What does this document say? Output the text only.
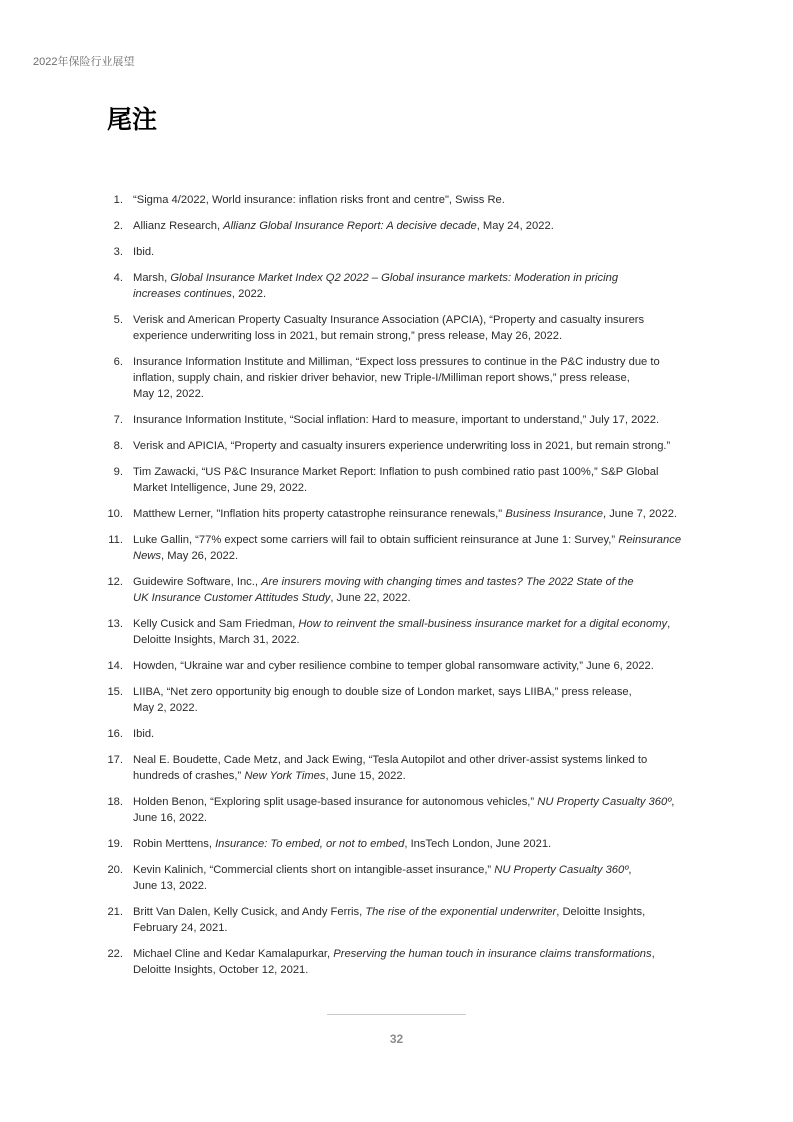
2022年保险行业展望
尾注
1. “Sigma 4/2022, World insurance: inflation risks front and centre", Swiss Re.
2. Allianz Research, Allianz Global Insurance Report: A decisive decade, May 24, 2022.
3. Ibid.
4. Marsh, Global Insurance Market Index Q2 2022 – Global insurance markets: Moderation in pricing
increases continues, 2022.
5. Verisk and American Property Casualty Insurance Association (APCIA), “Property and casualty insurers
experience underwriting loss in 2021, but remain strong,” press release, May 26, 2022.
6. Insurance Information Institute and Milliman, “Expect loss pressures to continue in the P&C industry due to
inflation, supply chain, and riskier driver behavior, new Triple-I/Milliman report shows,” press release,
May 12, 2022.
7. Insurance Information Institute, “Social inflation: Hard to measure, important to understand,” July 17, 2022.
8. Verisk and APICIA, “Property and casualty insurers experience underwriting loss in 2021, but remain strong.”
9. Tim Zawacki, “US P&C Insurance Market Report: Inflation to push combined ratio past 100%,” S&P Global
Market Intelligence, June 29, 2022.
10. Matthew Lerner, "Inflation hits property catastrophe reinsurance renewals," Business Insurance, June 7, 2022.
11. Luke Gallin, “77% expect some carriers will fail to obtain sufficient reinsurance at June 1: Survey,” Reinsurance
News, May 26, 2022.
12. Guidewire Software, Inc., Are insurers moving with changing times and tastes? The 2022 State of the
UK Insurance Customer Attitudes Study, June 22, 2022.
13. Kelly Cusick and Sam Friedman, How to reinvent the small-business insurance market for a digital economy,
Deloitte Insights, March 31, 2022.
14. Howden, “Ukraine war and cyber resilience combine to temper global ransomware activity,” June 6, 2022.
15. LIIBA, “Net zero opportunity big enough to double size of London market, says LIIBA,” press release,
May 2, 2022.
16. Ibid.
17. Neal E. Boudette, Cade Metz, and Jack Ewing, “Tesla Autopilot and other driver-assist systems linked to
hundreds of crashes,” New York Times, June 15, 2022.
18. Holden Benon, “Exploring split usage-based insurance for autonomous vehicles,” NU Property Casualty 360º,
June 16, 2022.
19. Robin Merttens, Insurance: To embed, or not to embed, InsTech London, June 2021.
20. Kevin Kalinich, “Commercial clients short on intangible-asset insurance,” NU Property Casualty 360º,
June 13, 2022.
21. Britt Van Dalen, Kelly Cusick, and Andy Ferris, The rise of the exponential underwriter, Deloitte Insights,
February 24, 2021.
22. Michael Cline and Kedar Kamalapurkar, Preserving the human touch in insurance claims transformations,
Deloitte Insights, October 12, 2021.
32
